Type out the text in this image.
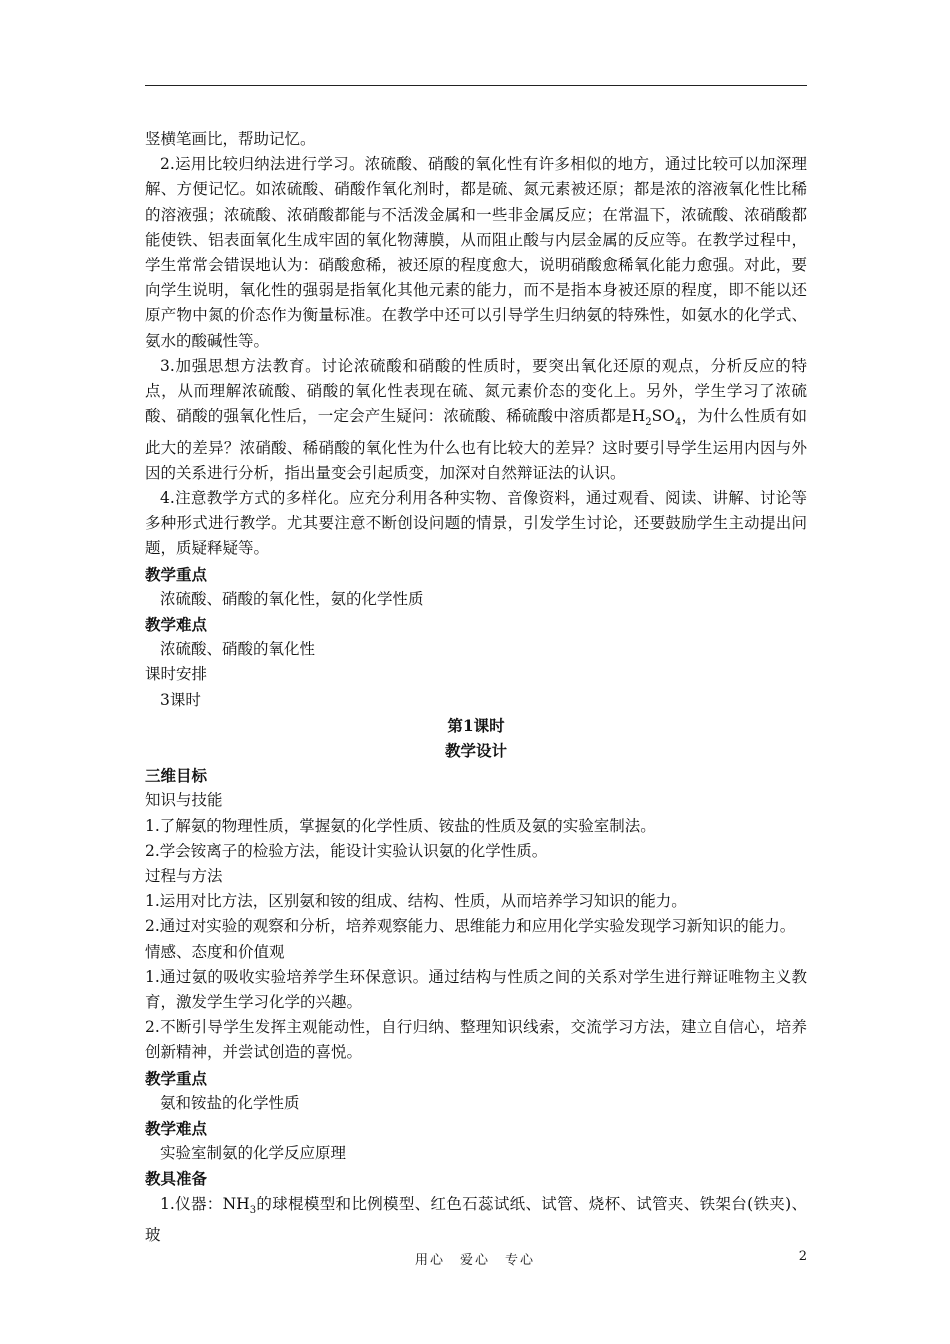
竖横笔画比，帮助记忆。

2.运用比较归纳法进行学习。浓硫酸、硝酸的氧化性有许多相似的地方，通过比较可以加深理解、方便记忆。如浓硫酸、硝酸作氧化剂时，都是硫、氮元素被还原；都是浓的溶液氧化性比稀的溶液强；浓硫酸、浓硝酸都能与不活泼金属和一些非金属反应；在常温下，浓硫酸、浓硝酸都能使铁、铝表面氧化生成牢固的氧化物薄膜，从而阻止酸与内层金属的反应等。在教学过程中，学生常常会错误地认为：硝酸愈稀，被还原的程度愈大，说明硝酸愈稀氧化能力愈强。对此，要向学生说明，氧化性的强弱是指氧化其他元素的能力，而不是指本身被还原的程度，即不能以还原产物中氮的价态作为衡量标准。在教学中还可以引导学生归纳氨的特殊性，如氨水的化学式、氨水的酸碱性等。

3.加强思想方法教育。讨论浓硫酸和硝酸的性质时，要突出氧化还原的观点，分析反应的特点，从而理解浓硫酸、硝酸的氧化性表现在硫、氮元素价态的变化上。另外，学生学习了浓硫酸、硝酸的强氧化性后，一定会产生疑问：浓硫酸、稀硫酸中溶质都是$H_2SO_4$，为什么性质有如此大的差异？浓硝酸、稀硝酸的氧化性为什么也有比较大的差异？这时要引导学生运用内因与外因的关系进行分析，指出量变会引起质变，加深对自然辩证法的认识。

4.注意教学方式的多样化。应充分利用各种实物、音像资料，通过观看、阅读、讲解、讨论等多种形式进行教学。尤其要注意不断创设问题的情景，引发学生讨论，还要鼓励学生主动提出问题，质疑释疑等。

教学重点

浓硫酸、硝酸的氧化性，氨的化学性质

教学难点

浓硫酸、硝酸的氧化性

课时安排

3课时

第1课时

教学设计

三维目标

知识与技能

1.了解氨的物理性质，掌握氨的化学性质、铵盐的性质及氨的实验室制法。

2.学会铵离子的检验方法，能设计实验认识氨的化学性质。

过程与方法

1.运用对比方法，区别氨和铵的组成、结构、性质，从而培养学习知识的能力。

2.通过对实验的观察和分析，培养观察能力、思维能力和应用化学实验发现学习新知识的能力。

情感、态度和价值观

1.通过氨的吸收实验培养学生环保意识。通过结构与性质之间的关系对学生进行辩证唯物主义教育，激发学生学习化学的兴趣。

2.不断引导学生发挥主观能动性，自行归纳、整理知识线索，交流学习方法，建立自信心，培养创新精神，并尝试创造的喜悦。

教学重点

氨和铵盐的化学性质

教学难点

实验室制氨的化学反应原理

教具准备

1.仪器：$NH_3$的球棍模型和比例模型、红色石蕊试纸、试管、烧杯、试管夹、铁架台(铁夹)、玻

用心　爱心　专心	2
